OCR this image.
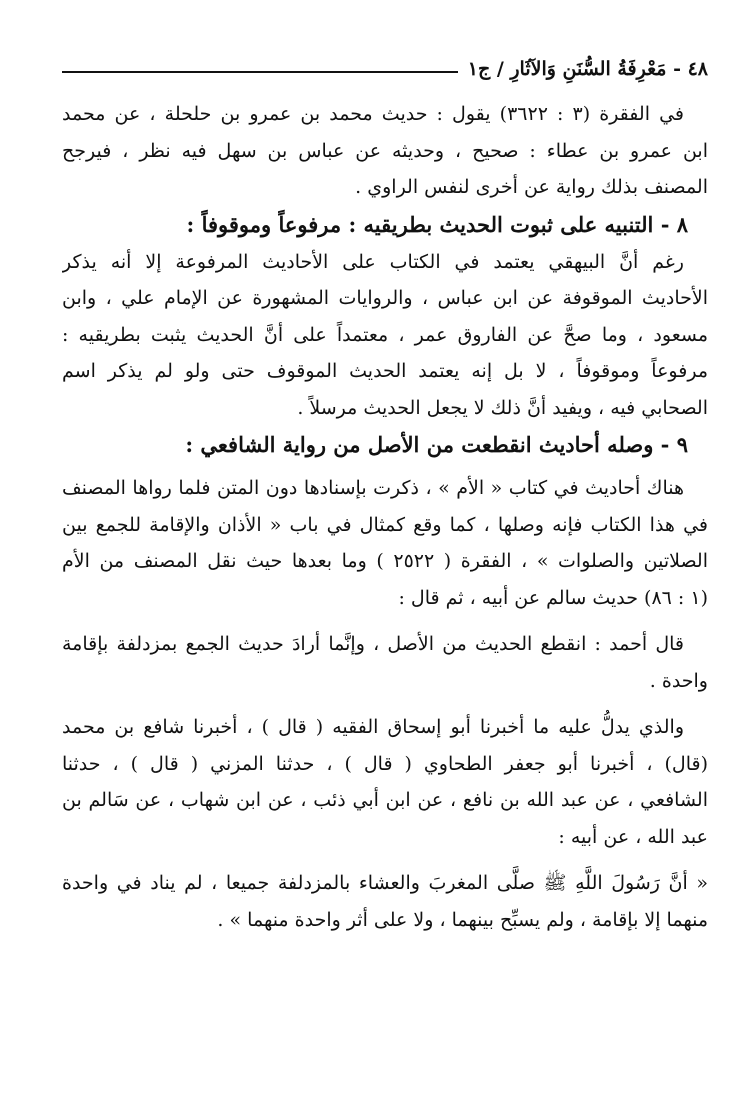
٤٨ - مَعْرِفَةُ السُّنَنِ وَالآثَارِ / ج١
في الفقرة (٣ : ٣٦٢٢) يقول : حديث محمد بن عمرو بن حلحلة ، عن محمد
ابن عمرو بن عطاء : صحيح ، وحديثه عن عباس بن سهل فيه نظر ، فيرجح
المصنف بذلك رواية عن أخرى لنفس الراوي .
٨ - التنبيه على ثبوت الحديث بطريقيه : مرفوعاً وموقوفاً :
رغم أنَّ البيهقي يعتمد في الكتاب على الأحاديث المرفوعة إلا أنه يذكر
الأحاديث الموقوفة عن ابن عباس ، والروايات المشهورة عن الإمام علي ، وابن
مسعود ، وما صحَّ عن الفاروق عمر ، معتمداً على أنَّ الحديث يثبت بطريقيه :
مرفوعاً وموقوفاً ، لا بل إنه يعتمد الحديث الموقوف حتى ولو لم يذكر اسم
الصحابي فيه ، ويفيد أنَّ ذلك لا يجعل الحديث مرسلاً .
٩ - وصله أحاديث انقطعت من الأصل من رواية الشافعي :
هناك أحاديث في كتاب « الأم » ، ذكرت بإسنادها دون المتن فلما رواها المصنف
في هذا الكتاب فإنه وصلها ، كما وقع كمثال في باب « الأذان والإقامة للجمع بين
الصلاتين والصلوات » ، الفقرة ( ٢٥٢٢ ) وما بعدها حيث نقل المصنف من الأم
(١ : ٨٦) حديث سالم عن أبيه ، ثم قال :
قال أحمد : انقطع الحديث من الأصل ، وإنَّما أرادَ حديث الجمع بمزدلفة بإقامة
واحدة .
والذي يدلُّ عليه ما أخبرنا أبو إسحاق الفقيه ( قال ) ، أخبرنا شافع بن محمد
(قال) ، أخبرنا أبو جعفر الطحاوي ( قال ) ، حدثنا المزني ( قال ) ، حدثنا
الشافعي ، عن عبد الله بن نافع ، عن ابن أبي ذئب ، عن ابن شهاب ، عن سَالم بن
عبد الله ، عن أبيه :
« أنَّ رَسُولَ اللَّهِ ﷺ صلَّى المغربَ والعشاء بالمزدلفة جميعا ، لم يناد في واحدة
منهما إلا بإقامة ، ولم يسبِّح بينهما ، ولا على أثر واحدة منهما » .
